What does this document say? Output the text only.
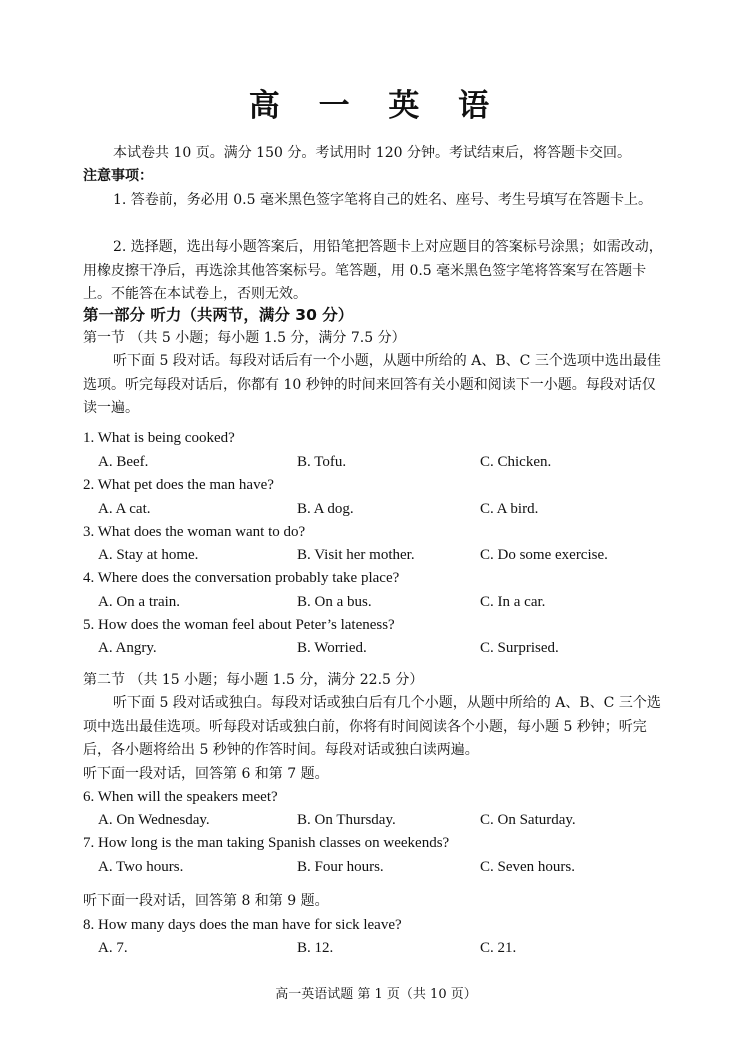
高 一 英 语
本试卷共 10 页。满分 150 分。考试用时 120 分钟。考试结束后，将答题卡交回。
注意事项：
1. 答卷前，务必用 0.5 毫米黑色签字笔将自己的姓名、座号、考生号填写在答题卡上。
2. 选择题，选出每小题答案后，用铅笔把答题卡上对应题目的答案标号涂黑；如需改动，用橡皮擦干净后，再选涂其他答案标号。笔答题，用 0.5 毫米黑色签字笔将答案写在答题卡上。不能答在本试卷上，否则无效。
第一部分 听力（共两节，满分 30 分）
第一节 （共 5 小题；每小题 1.5 分，满分 7.5 分）
听下面 5 段对话。每段对话后有一个小题，从题中所给的 A、B、C 三个选项中选出最佳选项。听完每段对话后，你都有 10 秒钟的时间来回答有关小题和阅读下一小题。每段对话仅读一遍。
1. What is being cooked?
A. Beef.	B. Tofu.	C. Chicken.
2. What pet does the man have?
A. A cat.	B. A dog.	C. A bird.
3. What does the woman want to do?
A. Stay at home.	B. Visit her mother.	C. Do some exercise.
4. Where does the conversation probably take place?
A. On a train.	B. On a bus.	C. In a car.
5. How does the woman feel about Peter’s lateness?
A. Angry.	B. Worried.	C. Surprised.
第二节 （共 15 小题；每小题 1.5 分，满分 22.5 分）
听下面 5 段对话或独白。每段对话或独白后有几个小题，从题中所给的 A、B、C 三个选项中选出最佳选项。听每段对话或独白前，你将有时间阅读各个小题，每小题 5 秒钟；听完后，各小题将给出 5 秒钟的作答时间。每段对话或独白读两遍。
听下面一段对话，回答第 6 和第 7 题。
6. When will the speakers meet?
A. On Wednesday.	B. On Thursday.	C. On Saturday.
7. How long is the man taking Spanish classes on weekends?
A. Two hours.	B. Four hours.	C. Seven hours.
听下面一段对话，回答第 8 和第 9 题。
8. How many days does the man have for sick leave?
A. 7.	B. 12.	C. 21.
高一英语试题 第 1 页（共 10 页）
